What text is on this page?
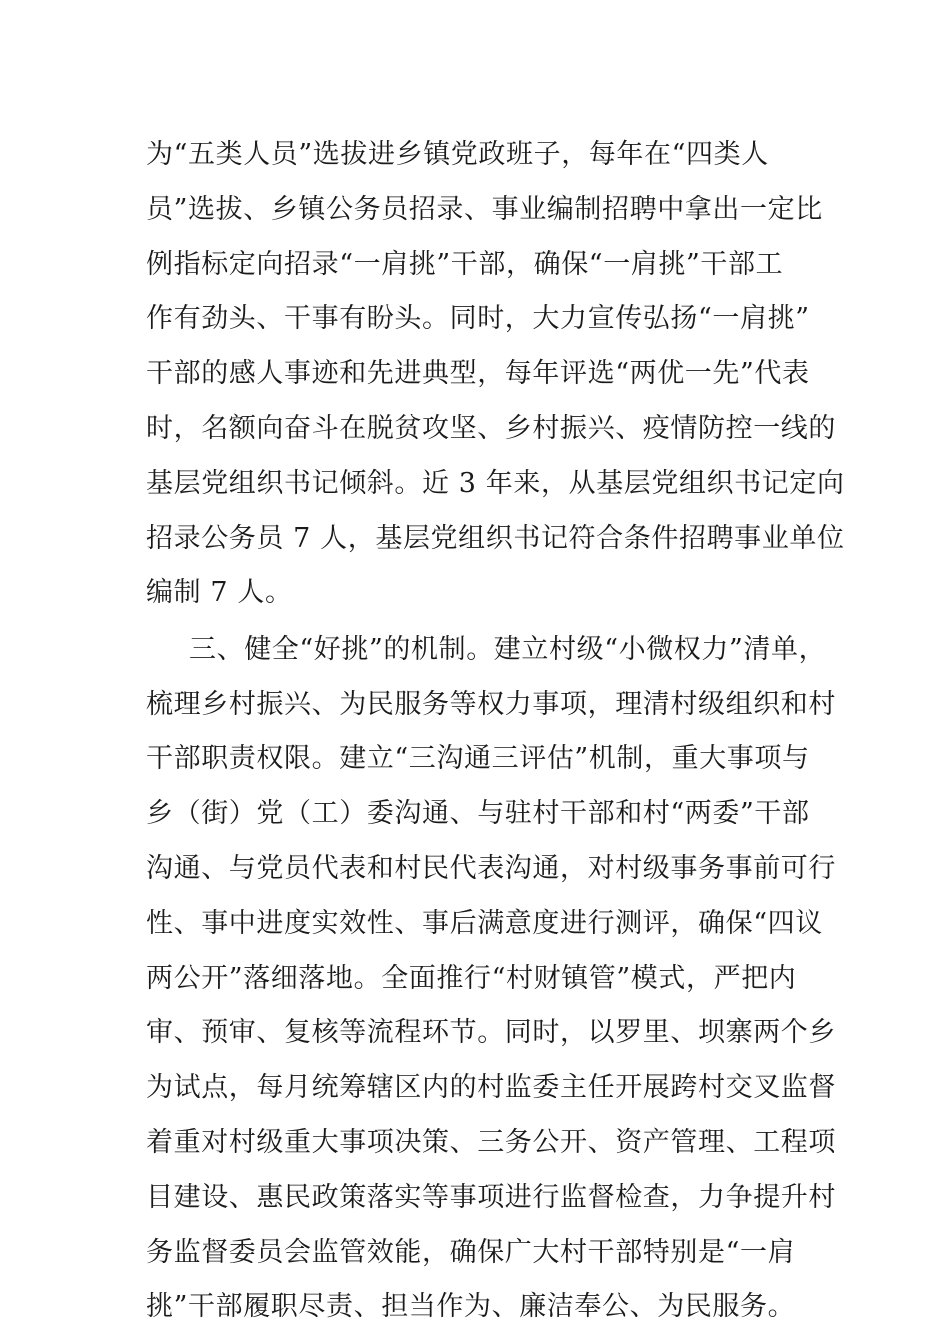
为“五类人员”选拔进乡镇党政班子，每年在“四类人
员”选拔、乡镇公务员招录、事业编制招聘中拿出一定比
例指标定向招录“一肩挑”干部，确保“一肩挑”干部工
作有劲头、干事有盼头。同时，大力宣传弘扬“一肩挑”
干部的感人事迹和先进典型，每年评选“两优一先”代表
时，名额向奋斗在脱贫攻坚、乡村振兴、疫情防控一线的
基层党组织书记倾斜。近 3 年来，从基层党组织书记定向
招录公务员 7 人，基层党组织书记符合条件招聘事业单位
编制 7 人。
三、健全“好挑”的机制。建立村级“小微权力”清单，
梳理乡村振兴、为民服务等权力事项，理清村级组织和村
干部职责权限。建立“三沟通三评估”机制，重大事项与
乡（街）党（工）委沟通、与驻村干部和村“两委”干部
沟通、与党员代表和村民代表沟通，对村级事务事前可行
性、事中进度实效性、事后满意度进行测评，确保“四议
两公开”落细落地。全面推行“村财镇管”模式，严把内
审、预审、复核等流程环节。同时，以罗里、坝寨两个乡
为试点，每月统筹辖区内的村监委主任开展跨村交叉监督
着重对村级重大事项决策、三务公开、资产管理、工程项
目建设、惠民政策落实等事项进行监督检查，力争提升村
务监督委员会监管效能，确保广大村干部特别是“一肩
挑”干部履职尽责、担当作为、廉洁奉公、为民服务。
